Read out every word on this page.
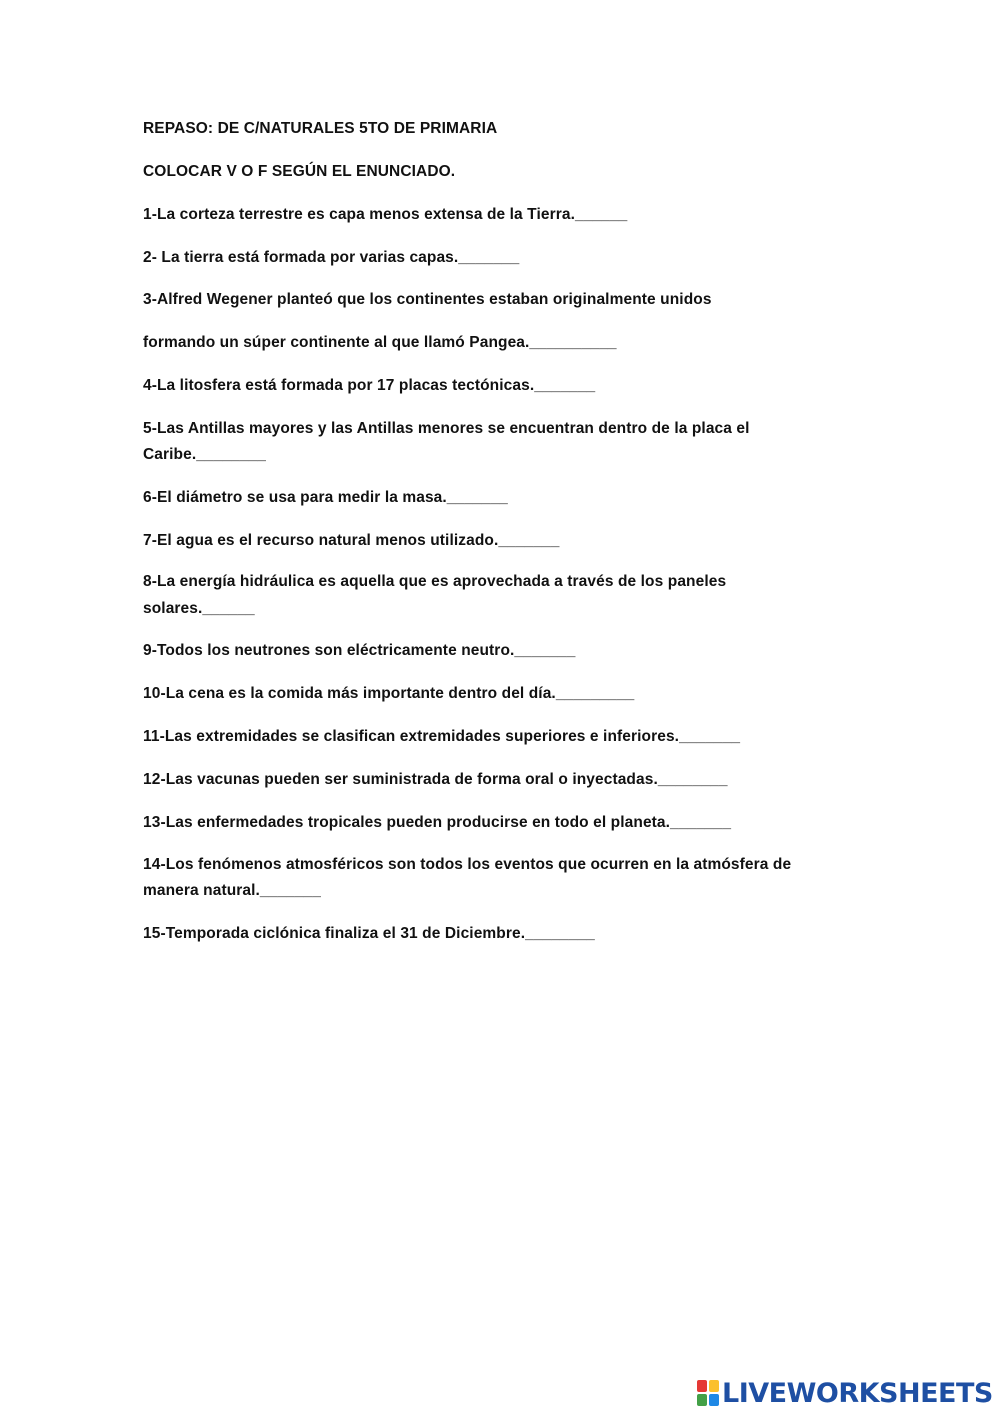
REPASO: DE C/NATURALES 5TO DE PRIMARIA
COLOCAR V O F SEGÚN EL ENUNCIADO.
1-La corteza terrestre es capa menos extensa de la Tierra.______
2- La tierra está formada por varias capas._______
3-Alfred Wegener planteó que los continentes estaban originalmente unidos
formando un súper continente al que llamó Pangea.__________
4-La litosfera está formada por 17 placas tectónicas._______
5-Las Antillas mayores y las Antillas menores se encuentran dentro de la placa el
Caribe.________
6-El diámetro se usa para medir la masa._______
7-El agua es el recurso natural menos utilizado._______
8-La energía hidráulica es aquella que es aprovechada a través de los paneles
solares.______
9-Todos los neutrones son eléctricamente neutro._______
10-La cena es la comida más importante dentro del día._________
11-Las extremidades se clasifican extremidades superiores e inferiores._______
12-Las vacunas pueden ser suministrada de forma oral o inyectadas.________
13-Las enfermedades tropicales pueden producirse en todo el planeta._______
14-Los fenómenos atmosféricos son todos los eventos que ocurren en la atmósfera de
manera natural._______
15-Temporada ciclónica finaliza el 31 de Diciembre.________
LIVEWORKSHEETS
